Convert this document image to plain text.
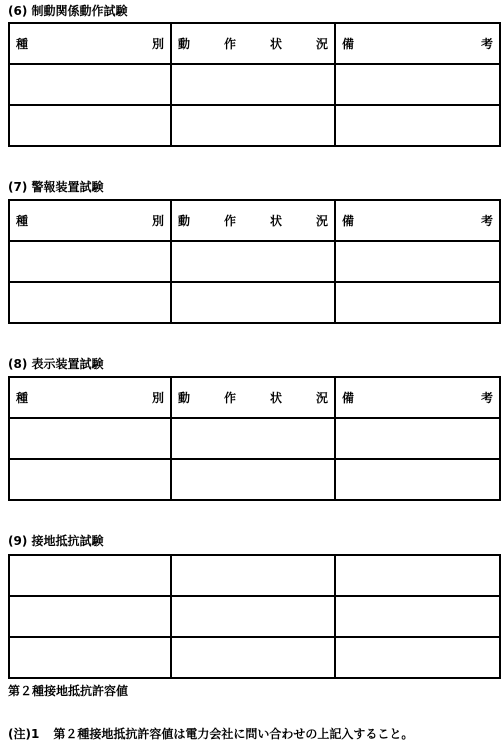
(6) 制動関係動作試験
種 別	動 作 状 況	備 考

(7) 警報装置試験
種 別	動 作 状 況	備 考

(8) 表示装置試験
種 別	動 作 状 況	備 考

(9) 接地抵抗試験

第２種接地抵抗許容値
(注)1 第２種接地抵抗許容値は電力会社に問い合わせの上記入すること。
